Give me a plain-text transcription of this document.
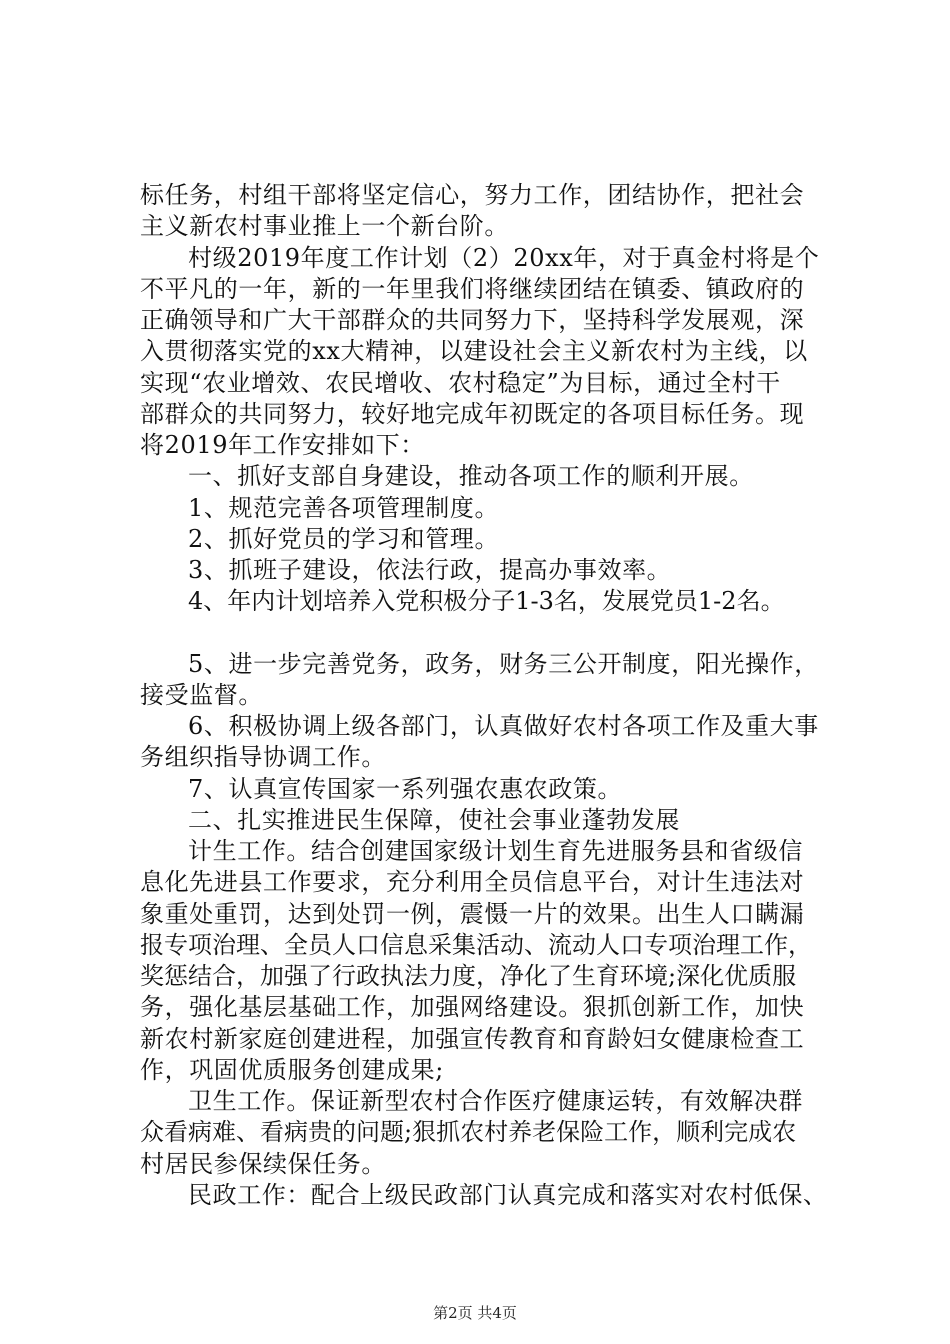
标任务，村组干部将坚定信心，努力工作，团结协作，把社会
主义新农村事业推上一个新台阶。
村级2019年度工作计划（2）20xx年，对于真金村将是个
不平凡的一年，新的一年里我们将继续团结在镇委、镇政府的
正确领导和广大干部群众的共同努力下，坚持科学发展观，深
入贯彻落实党的xx大精神，以建设社会主义新农村为主线，以
实现“农业增效、农民增收、农村稳定”为目标，通过全村干
部群众的共同努力，较好地完成年初既定的各项目标任务。现
将2019年工作安排如下：
一、抓好支部自身建设，推动各项工作的顺利开展。
1、规范完善各项管理制度。
2、抓好党员的学习和管理。
3、抓班子建设，依法行政，提高办事效率。
4、年内计划培养入党积极分子1-3名，发展党员1-2名。
5、进一步完善党务，政务，财务三公开制度，阳光操作，
接受监督。
6、积极协调上级各部门，认真做好农村各项工作及重大事
务组织指导协调工作。
7、认真宣传国家一系列强农惠农政策。
二、扎实推进民生保障，使社会事业蓬勃发展
计生工作。结合创建国家级计划生育先进服务县和省级信
息化先进县工作要求，充分利用全员信息平台，对计生违法对
象重处重罚，达到处罚一例，震慑一片的效果。出生人口瞒漏
报专项治理、全员人口信息采集活动、流动人口专项治理工作，
奖惩结合，加强了行政执法力度，净化了生育环境;深化优质服
务，强化基层基础工作，加强网络建设。狠抓创新工作，加快
新农村新家庭创建进程，加强宣传教育和育龄妇女健康检查工
作，巩固优质服务创建成果;
卫生工作。保证新型农村合作医疗健康运转，有效解决群
众看病难、看病贵的问题;狠抓农村养老保险工作，顺利完成农
村居民参保续保任务。
民政工作：配合上级民政部门认真完成和落实对农村低保、
第2页 共4页
